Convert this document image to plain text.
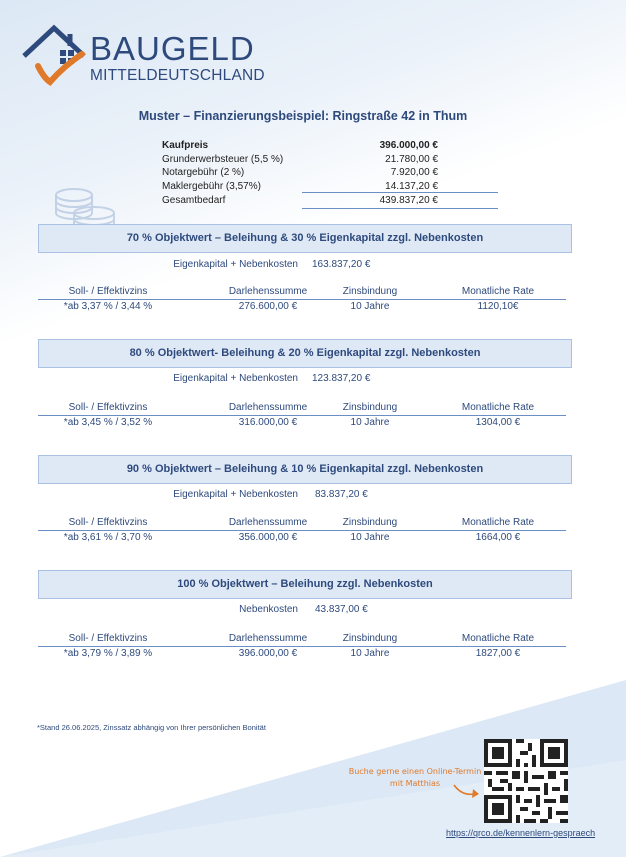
BAUGELD
MITTELDEUTSCHLAND
Muster – Finanzierungsbeispiel: Ringstraße 42 in Thum
Kaufpreis	396.000,00 €
Grunderwerbsteuer (5,5 %)	21.780,00 €
Notargebühr (2 %)	7.920,00 €
Maklergebühr (3,57%)	14.137,20 €
Gesamtbedarf	439.837,20 €
70 % Objektwert – Beleihung & 30 % Eigenkapital zzgl. Nebenkosten
Eigenkapital + Nebenkosten 163.837,20 €
Soll- / Effektivzins	Darlehenssumme	Zinsbindung	Monatliche Rate
*ab 3,37 % / 3,44 %	276.600,00 €	10 Jahre	1120,10€
80 % Objektwert- Beleihung & 20 % Eigenkapital zzgl. Nebenkosten
Eigenkapital + Nebenkosten 123.837,20 €
Soll- / Effektivzins	Darlehenssumme	Zinsbindung	Monatliche Rate
*ab 3,45 % / 3,52 %	316.000,00 €	10 Jahre	1304,00 €
90 % Objektwert – Beleihung & 10 % Eigenkapital zzgl. Nebenkosten
Eigenkapital + Nebenkosten 83.837,20 €
Soll- / Effektivzins	Darlehenssumme	Zinsbindung	Monatliche Rate
*ab 3,61 % / 3,70 %	356.000,00 €	10 Jahre	1664,00 €
100 % Objektwert – Beleihung zzgl. Nebenkosten
Nebenkosten 43.837,00 €
Soll- / Effektivzins	Darlehenssumme	Zinsbindung	Monatliche Rate
*ab 3,79 % / 3,89 %	396.000,00 €	10 Jahre	1827,00 €
*Stand 26.06.2025, Zinssatz abhängig von Ihrer persönlichen Bonität
Buche gerne einen Online-Termin
mit Matthias
https://qrco.de/kennenlern-gespraech
